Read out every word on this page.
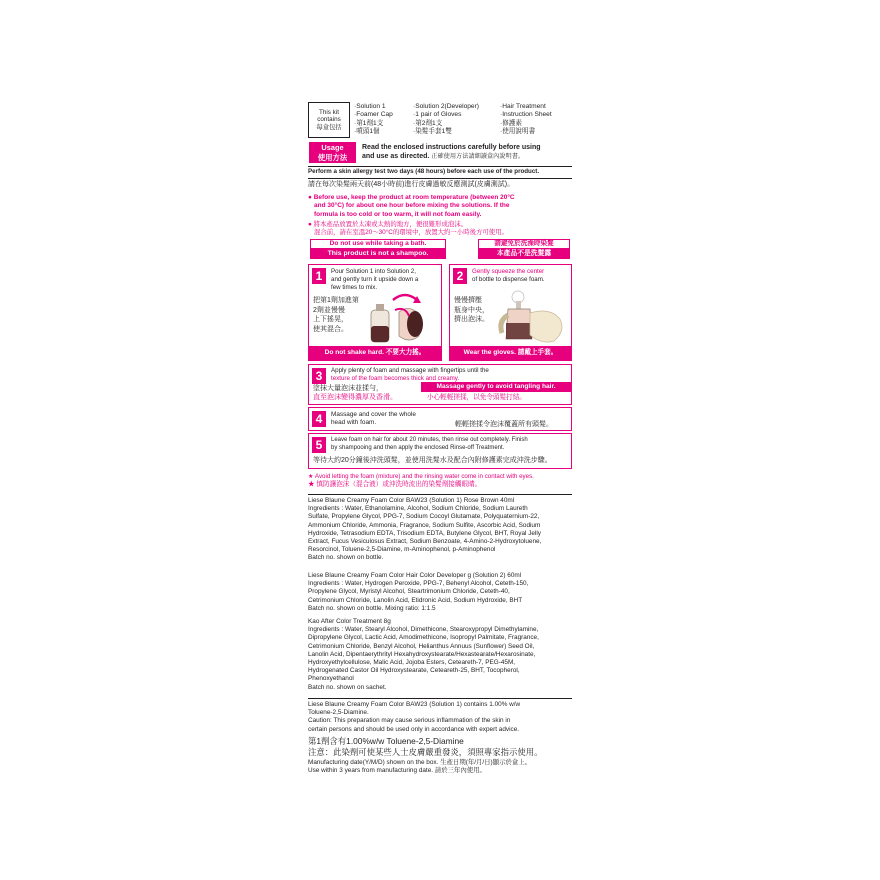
This kit
contains
每盒包括
·Solution 1
·Foamer Cap
·第1劑1支
·噴頭1個
·Solution 2(Developer)
·1 pair of Gloves
·第2劑1支
·染髮手套1雙
·Hair Treatment
·Instruction Sheet
·修護素
·使用說明書
Usage
使用方法
Read the enclosed instructions carefully before using
and use as directed. 正確使用方法請細讀盒內說明書。
Perform a skin allergy test two days (48 hours) before each use of the product.
請在每次染髮兩天前(48小時前)進行皮膚過敏反應測試(皮膚測試)。
● Before use, keep the product at room temperature (between 20°C
and 30°C) for about one hour before mixing the solutions. If the
formula is too cold or too warm, it will not foam easily.
● 將本產品放置於太凍或太熱的地方，便很難形成泡沫。
混合前，請在室溫20～30°C的環境中，放置大約一小時後方可使用。
Do not use while taking a bath.
This product is not a shampoo.
請避免於洗澡時染髮
本產品不是洗髮露
1	Pour Solution 1 into Solution 2,
and gently turn it upside down a
few times to mix.
把第1劑加進第
2劑並慢慢
上下搖晃，
使其混合。
Do not shake hard. 不要大力搖。
2	Gently squeeze the center
of bottle to dispense foam.
慢慢擠壓
瓶身中央，
擠出泡沫。
Wear the gloves. 請戴上手套。
3	Apply plenty of foam and massage with fingertips until the
texture of the foam becomes thick and creamy.
塗抹大量泡沫並揉勻，
直至泡沫變得濃厚及香滑。
Massage gently to avoid tangling hair.
小心輕輕搓揉，以免令頭髮打結。
4	Massage and cover the whole
head with foam.	輕輕搓揉令泡沫覆蓋所有頭髮。
5	Leave foam on hair for about 20 minutes, then rinse out completely. Finish
by shampooing and then apply the enclosed Rinse-off Treatment.
等待大約20分鐘後沖洗頭髮，並使用洗髮水及配合內附修護素完成沖洗步驟。
★ Avoid letting the foam (mixture) and the rinsing water come in contact with eyes.
★ 慎防讓泡沫（混合液）或沖洗時流出的染髮劑接觸眼睛。
Liese Blaune Creamy Foam Color BAW23 (Solution 1) Rose Brown 40ml
Ingredients : Water, Ethanolamine, Alcohol, Sodium Chloride, Sodium Laureth
Sulfate, Propylene Glycol, PPG-7, Sodium Cocoyl Glutamate, Polyquaternium-22,
Ammonium Chloride, Ammonia, Fragrance, Sodium Sulfite, Ascorbic Acid, Sodium
Hydroxide, Tetrasodium EDTA, Trisodium EDTA, Butylene Glycol, BHT, Royal Jelly
Extract, Fucus Vesiculosus Extract, Sodium Benzoate, 4-Amino-2-Hydroxytoluene,
Resorcinol, Toluene-2,5-Diamine, m-Aminophenol, p-Aminophenol
Batch no. shown on bottle.
Liese Blaune Creamy Foam Color Hair Color Developer g (Solution 2) 60ml
Ingredients : Water, Hydrogen Peroxide, PPG-7, Behenyl Alcohol, Ceteth-150,
Propylene Glycol, Myristyl Alcohol, Steartrimonium Chloride, Ceteth-40,
Cetrimonium Chloride, Lanolin Acid, Etidronic Acid, Sodium Hydroxide, BHT
Batch no. shown on bottle. Mixing ratio: 1:1.5
Kao After Color Treatment 8g
Ingredients : Water, Stearyl Alcohol, Dimethicone, Stearoxypropyl Dimethylamine,
Dipropylene Glycol, Lactic Acid, Amodimethicone, Isopropyl Palmitate, Fragrance,
Cetrimonium Chloride, Benzyl Alcohol, Helianthus Annuus (Sunflower) Seed Oil,
Lanolin Acid, Dipentaerythrityl Hexahydroxystearate/Hexastearate/Hexarosinate,
Hydroxyethylcellulose, Malic Acid, Jojoba Esters, Ceteareth-7, PEG-45M,
Hydrogenated Castor Oil Hydroxystearate, Ceteareth-25, BHT, Tocopherol,
Phenoxyethanol
Batch no. shown on sachet.
Liese Blaune Creamy Foam Color BAW23 (Solution 1) contains 1.00% w/w
Toluene-2,5-Diamine.
Caution: This preparation may cause serious inflammation of the skin in
certain persons and should be used only in accordance with expert advice.
第1劑含有1.00%w/w Toluene-2,5-Diamine
注意：此染劑可使某些人士皮膚嚴重發炎，須照專家指示使用。
Manufacturing date(Y/M/D) shown on the box. 生產日期(年/月/日)顯示於盒上。
Use within 3 years from manufacturing date. 請於三年內使用。
